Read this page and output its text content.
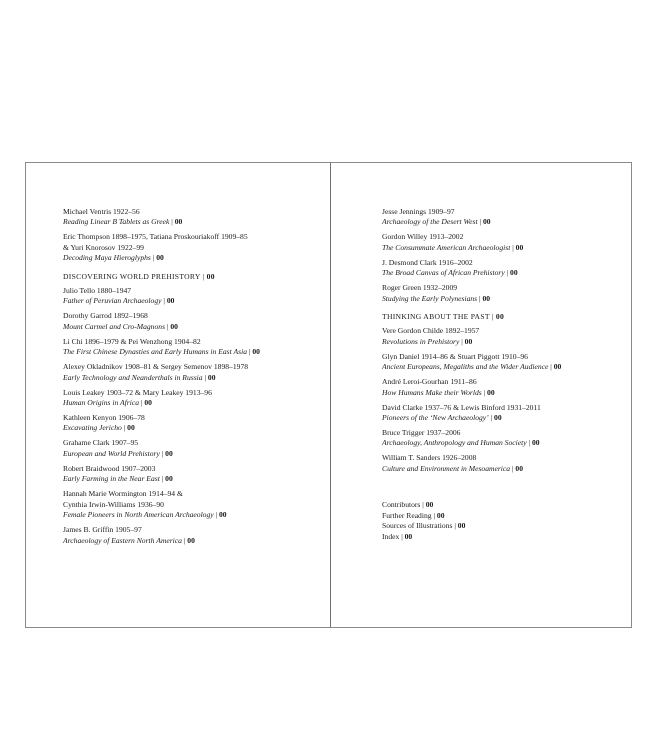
Michael Ventris 1922–56
Reading Linear B Tablets as Greek | 00
Eric Thompson 1898–1975, Tatiana Proskouriakoff 1909–85
& Yuri Knorosov 1922–99
Decoding Maya Hieroglyphs | 00
DISCOVERING WORLD PREHISTORY | 00
Julio Tello 1880–1947
Father of Peruvian Archaeology | 00
Dorothy Garrod 1892–1968
Mount Carmel and Cro-Magnons | 00
Li Chi 1896–1979 & Pei Wenzhong 1904–82
The First Chinese Dynasties and Early Humans in East Asia | 00
Alexey Okladnikov 1908–81 & Sergey Semenov 1898–1978
Early Technology and Neanderthals in Russia | 00
Louis Leakey 1903–72 & Mary Leakey 1913–96
Human Origins in Africa | 00
Kathleen Kenyon 1906–78
Excavating Jericho | 00
Grahame Clark 1907–95
European and World Prehistory | 00
Robert Braidwood 1907–2003
Early Farming in the Near East | 00
Hannah Marie Wormington 1914–94 &
Cynthia Irwin-Williams 1936–90
Female Pioneers in North American Archaeology | 00
James B. Griffin 1905–97
Archaeology of Eastern North America | 00
Jesse Jennings 1909–97
Archaeology of the Desert West | 00
Gordon Willey 1913–2002
The Consummate American Archaeologist | 00
J. Desmond Clark 1916–2002
The Broad Canvas of African Prehistory | 00
Roger Green 1932–2009
Studying the Early Polynesians | 00
THINKING ABOUT THE PAST | 00
Vere Gordon Childe 1892–1957
Revolutions in Prehistory | 00
Glyn Daniel 1914–86 & Stuart Piggott 1910–96
Ancient Europeans, Megaliths and the Wider Audience | 00
André Leroi-Gourhan 1911–86
How Humans Make their Worlds | 00
David Clarke 1937–76 & Lewis Binford 1931–2011
Pioneers of the ‘New Archaeology’ | 00
Bruce Trigger 1937–2006
Archaeology, Anthropology and Human Society | 00
William T. Sanders 1926–2008
Culture and Environment in Mesoamerica | 00
Contributors | 00
Further Reading | 00
Sources of Illustrations | 00
Index | 00
